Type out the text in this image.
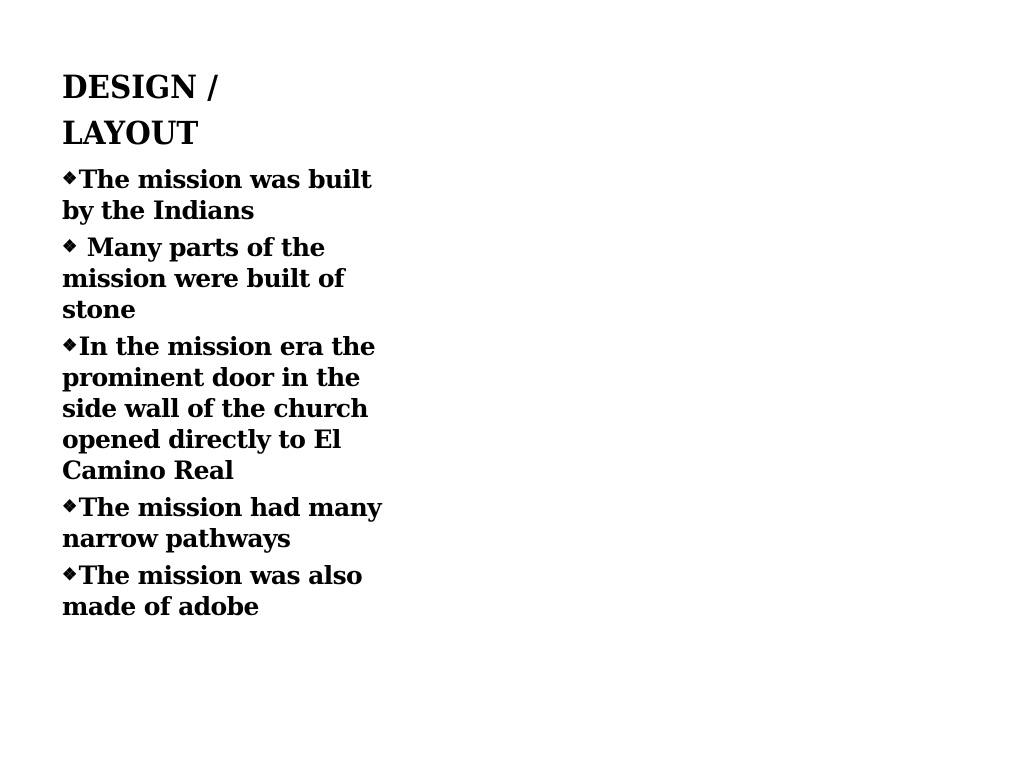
DESIGN /
LAYOUT
❖The mission was built by the Indians
❖ Many parts of the mission were built of stone
❖In the mission era the prominent door in the side wall of the church opened directly to El Camino Real
❖The mission had many narrow pathways
❖The mission was also made of adobe
